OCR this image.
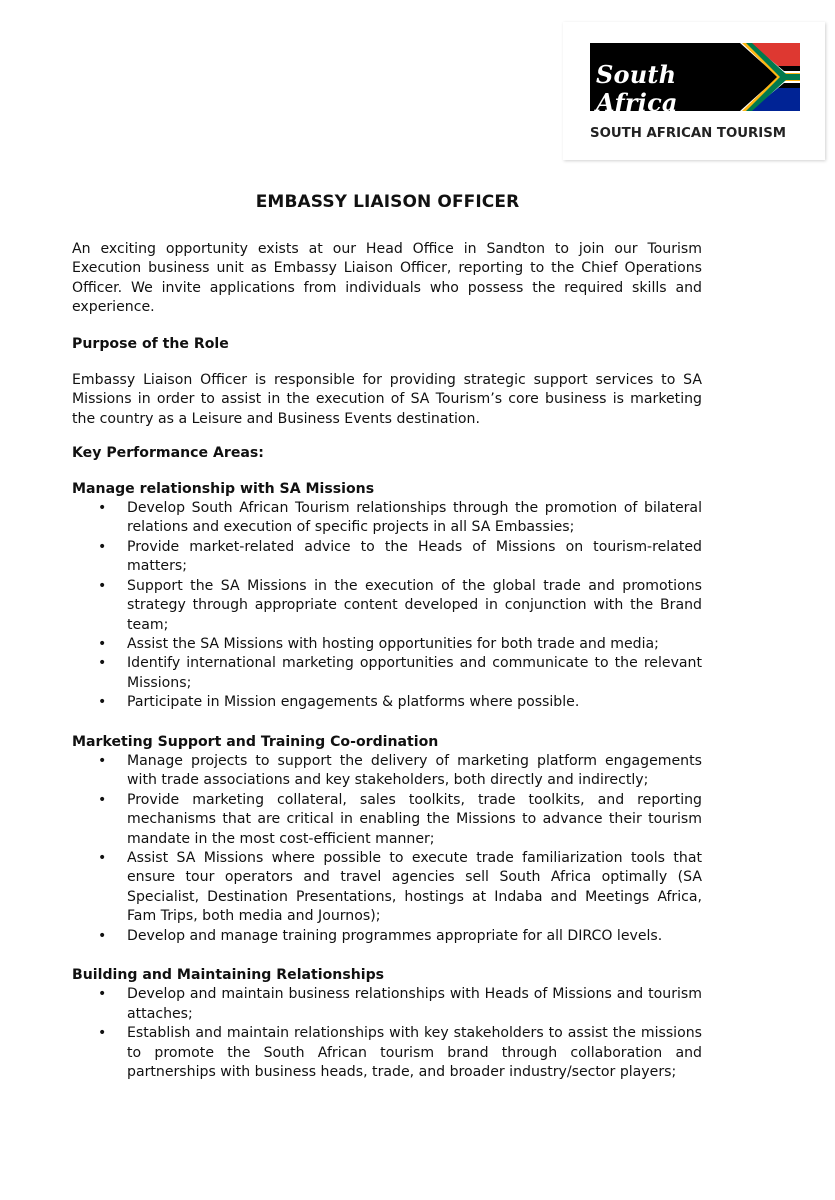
South Africa
SOUTH AFRICAN TOURISM
EMBASSY LIAISON OFFICER

An exciting opportunity exists at our Head Office in Sandton to join our Tourism Execution business unit as Embassy Liaison Officer, reporting to the Chief Operations Officer. We invite applications from individuals who possess the required skills and experience.

Purpose of the Role

Embassy Liaison Officer is responsible for providing strategic support services to SA Missions in order to assist in the execution of SA Tourism’s core business is marketing the country as a Leisure and Business Events destination.

Key Performance Areas:

Manage relationship with SA Missions

• Develop South African Tourism relationships through the promotion of bilateral relations and execution of specific projects in all SA Embassies;
• Provide market-related advice to the Heads of Missions on tourism-related matters;
• Support the SA Missions in the execution of the global trade and promotions strategy through appropriate content developed in conjunction with the Brand team;
• Assist the SA Missions with hosting opportunities for both trade and media;
• Identify international marketing opportunities and communicate to the relevant Missions;
• Participate in Mission engagements & platforms where possible.

Marketing Support and Training Co-ordination

• Manage projects to support the delivery of marketing platform engagements with trade associations and key stakeholders, both directly and indirectly;
• Provide marketing collateral, sales toolkits, trade toolkits, and reporting mechanisms that are critical in enabling the Missions to advance their tourism mandate in the most cost-efficient manner;
• Assist SA Missions where possible to execute trade familiarization tools that ensure tour operators and travel agencies sell South Africa optimally (SA Specialist, Destination Presentations, hostings at Indaba and Meetings Africa, Fam Trips, both media and Journos);
• Develop and manage training programmes appropriate for all DIRCO levels.

Building and Maintaining Relationships

• Develop and maintain business relationships with Heads of Missions and tourism attaches;
• Establish and maintain relationships with key stakeholders to assist the missions to promote the South African tourism brand through collaboration and partnerships with business heads, trade, and broader industry/sector players;
